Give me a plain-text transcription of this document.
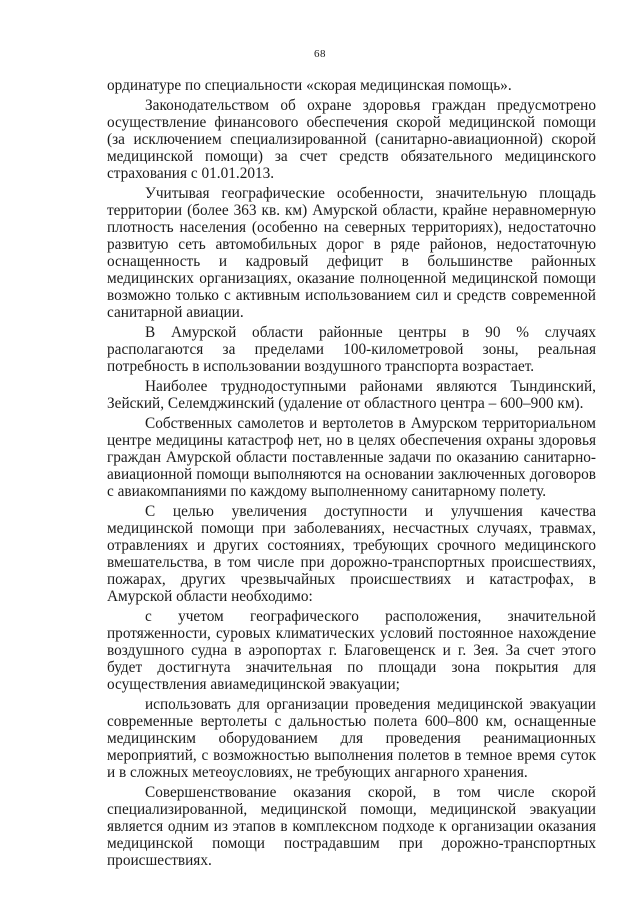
68

ординатуре по специальности «скорая медицинская помощь».

Законодательством об охране здоровья граждан предусмотрено осуществление финансового обеспечения скорой медицинской помощи (за исключением специализированной (санитарно-авиационной) скорой медицинской помощи) за счет средств обязательного медицинского страхования с 01.01.2013.

Учитывая географические особенности, значительную площадь территории (более 363 кв. км) Амурской области, крайне неравномерную плотность населения (особенно на северных территориях), недостаточно развитую сеть автомобильных дорог в ряде районов, недостаточную оснащенность и кадровый дефицит в большинстве районных медицинских организациях, оказание полноценной медицинской помощи возможно только с активным использованием сил и средств современной санитарной авиации.

В Амурской области районные центры в 90 % случаях располагаются за пределами 100-километровой зоны, реальная потребность в использовании воздушного транспорта возрастает.

Наиболее труднодоступными районами являются Тындинский, Зейский, Селемджинский (удаление от областного центра – 600–900 км).

Собственных самолетов и вертолетов в Амурском территориальном центре медицины катастроф нет, но в целях обеспечения охраны здоровья граждан Амурской области поставленные задачи по оказанию санитарно-авиационной помощи выполняются на основании заключенных договоров с авиакомпаниями по каждому выполненному санитарному полету.

С целью увеличения доступности и улучшения качества медицинской помощи при заболеваниях, несчастных случаях, травмах, отравлениях и других состояниях, требующих срочного медицинского вмешательства, в том числе при дорожно-транспортных происшествиях, пожарах, других чрезвычайных происшествиях и катастрофах, в Амурской области необходимо:

с учетом географического расположения, значительной протяженности, суровых климатических условий постоянное нахождение воздушного судна в аэропортах г. Благовещенск и г. Зея. За счет этого будет достигнута значительная по площади зона покрытия для осуществления авиамедицинской эвакуации;

использовать для организации проведения медицинской эвакуации современные вертолеты с дальностью полета 600–800 км, оснащенные медицинским оборудованием для проведения реанимационных мероприятий, с возможностью выполнения полетов в темное время суток и в сложных метеоусловиях, не требующих ангарного хранения.

Совершенствование оказания скорой, в том числе скорой специализированной, медицинской помощи, медицинской эвакуации является одним из этапов в комплексном подходе к организации оказания медицинской помощи пострадавшим при дорожно-транспортных происшествиях.
